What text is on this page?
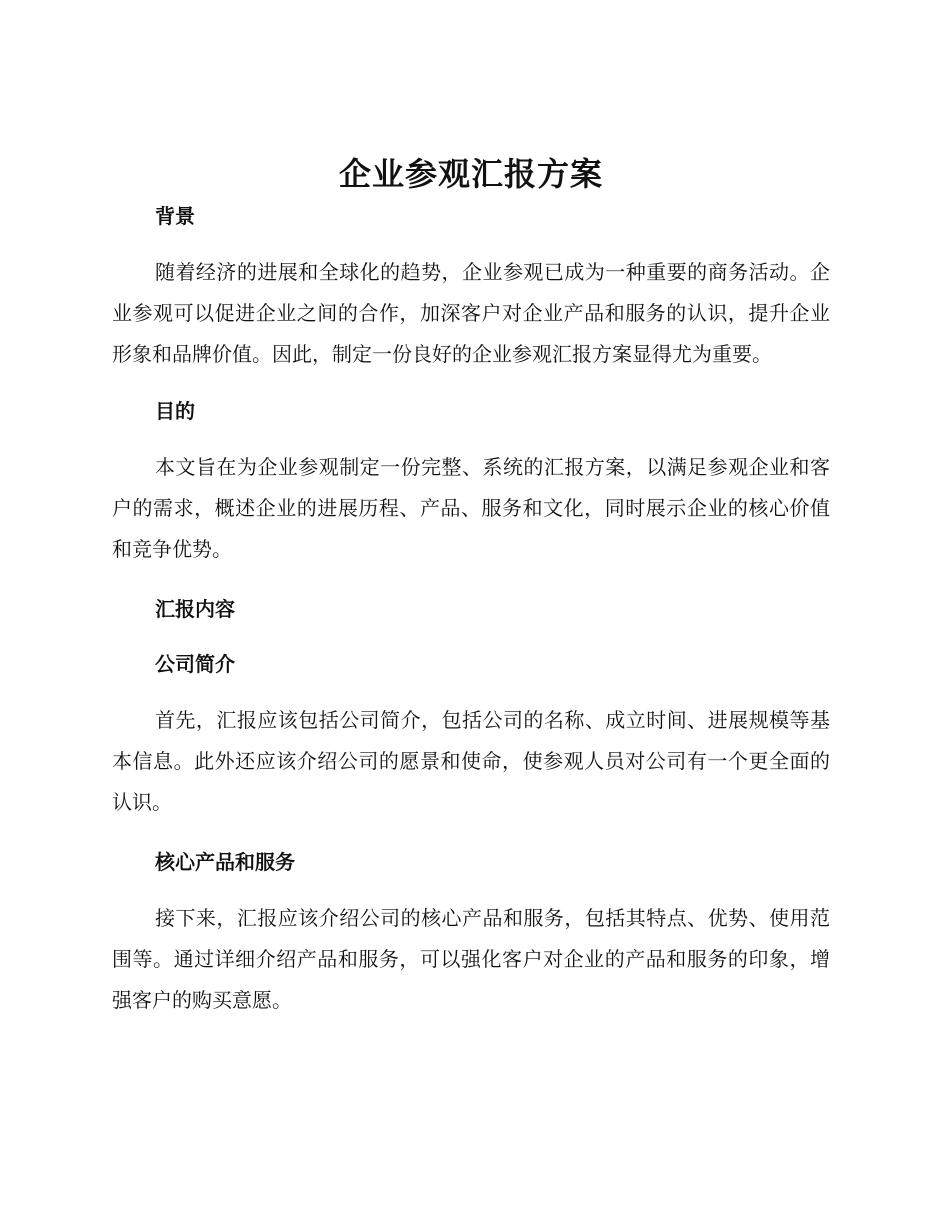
企业参观汇报方案
背景

随着经济的进展和全球化的趋势，企业参观已成为一种重要的商务活动。企业参观可以促进企业之间的合作，加深客户对企业产品和服务的认识，提升企业形象和品牌价值。因此，制定一份良好的企业参观汇报方案显得尤为重要。

目的

本文旨在为企业参观制定一份完整、系统的汇报方案，以满足参观企业和客户的需求，概述企业的进展历程、产品、服务和文化，同时展示企业的核心价值和竞争优势。

汇报内容
公司简介

首先，汇报应该包括公司简介，包括公司的名称、成立时间、进展规模等基本信息。此外还应该介绍公司的愿景和使命，使参观人员对公司有一个更全面的认识。

核心产品和服务

接下来，汇报应该介绍公司的核心产品和服务，包括其特点、优势、使用范围等。通过详细介绍产品和服务，可以强化客户对企业的产品和服务的印象，增强客户的购买意愿。
